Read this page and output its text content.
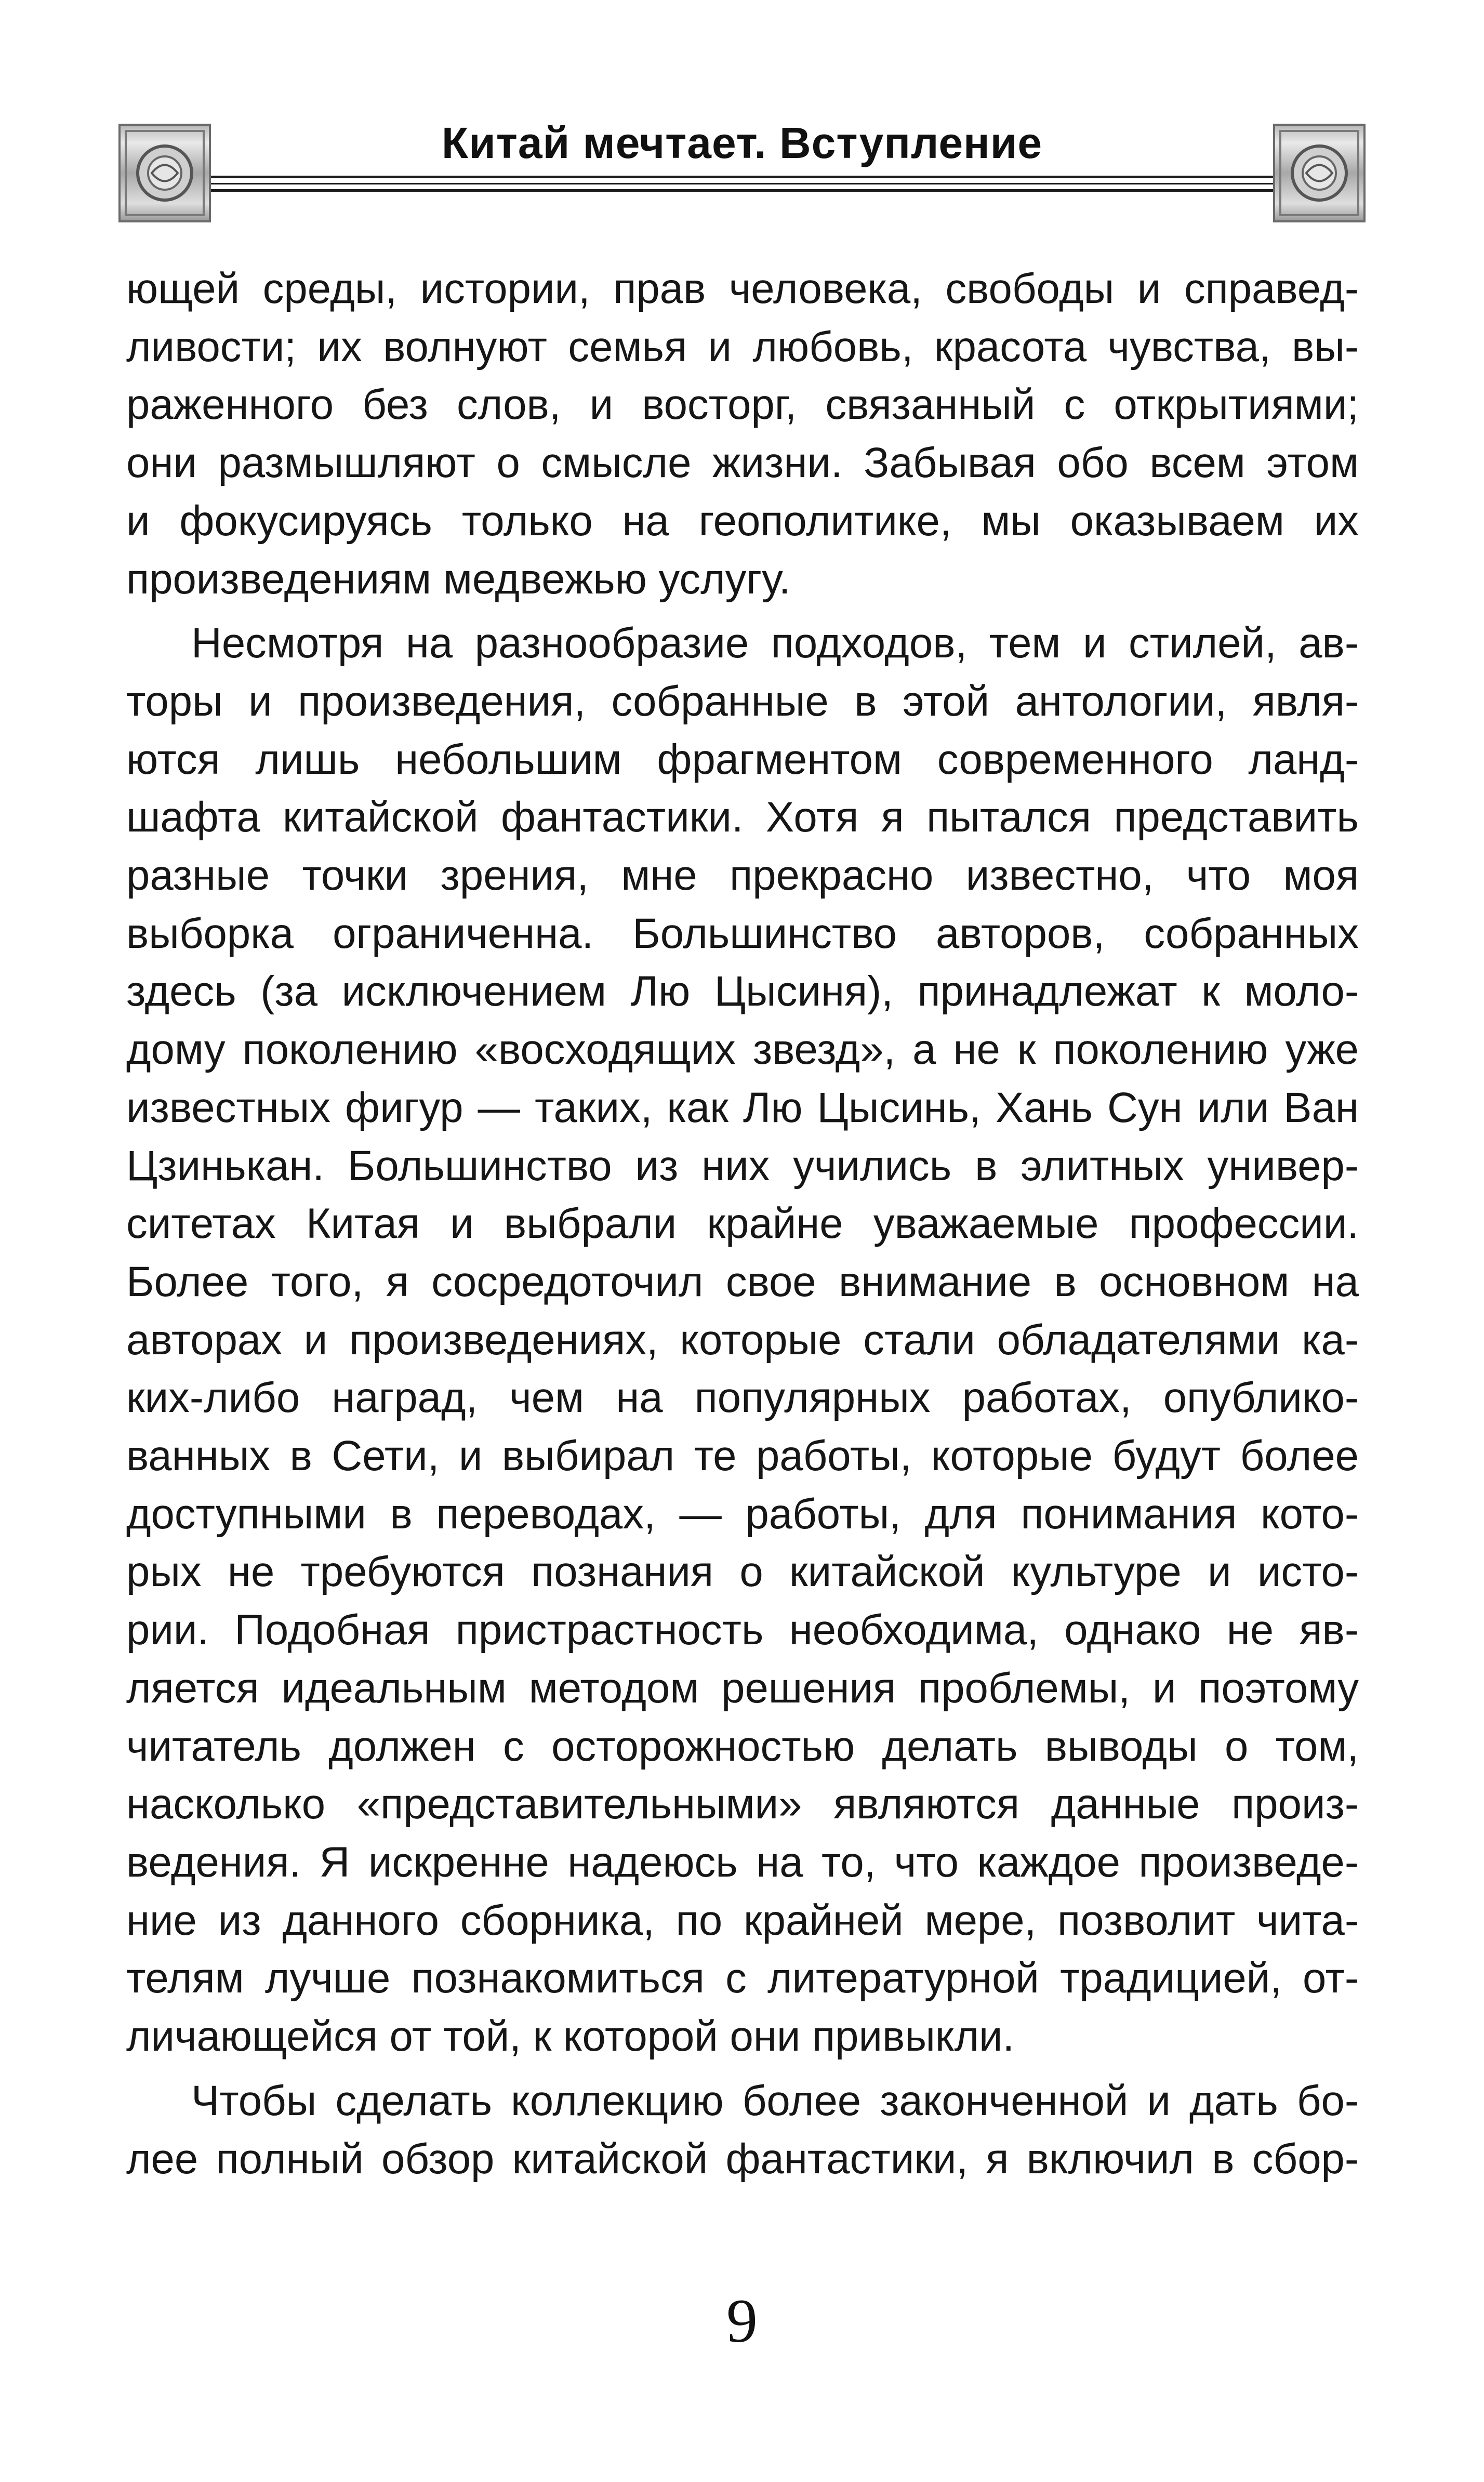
Китай мечтает. Вступление

ющей среды, истории, прав человека, свободы и справед-
ливости; их волнуют семья и любовь, красота чувства, вы-
раженного без слов, и восторг, связанный с открытиями;
они размышляют о смысле жизни. Забывая обо всем этом
и фокусируясь только на геополитике, мы оказываем их
произведениям медвежью услугу.

Несмотря на разнообразие подходов, тем и стилей, ав-
торы и произведения, собранные в этой антологии, явля-
ются лишь небольшим фрагментом современного ланд-
шафта китайской фантастики. Хотя я пытался представить
разные точки зрения, мне прекрасно известно, что моя
выборка ограниченна. Большинство авторов, собранных
здесь (за исключением Лю Цысиня), принадлежат к моло-
дому поколению «восходящих звезд», а не к поколению уже
известных фигур — таких, как Лю Цысинь, Хань Сун или Ван
Цзинькан. Большинство из них учились в элитных универ-
ситетах Китая и выбрали крайне уважаемые профессии.
Более того, я сосредоточил свое внимание в основном на
авторах и произведениях, которые стали обладателями ка-
ких-либо наград, чем на популярных работах, опублико-
ванных в Сети, и выбирал те работы, которые будут более
доступными в переводах, — работы, для понимания кото-
рых не требуются познания о китайской культуре и исто-
рии. Подобная пристрастность необходима, однако не яв-
ляется идеальным методом решения проблемы, и поэтому
читатель должен с осторожностью делать выводы о том,
насколько «представительными» являются данные произ-
ведения. Я искренне надеюсь на то, что каждое произведе-
ние из данного сборника, по крайней мере, позволит чита-
телям лучше познакомиться с литературной традицией, от-
личающейся от той, к которой они привыкли.

Чтобы сделать коллекцию более законченной и дать бо-
лее полный обзор китайской фантастики, я включил в сбор-

9
